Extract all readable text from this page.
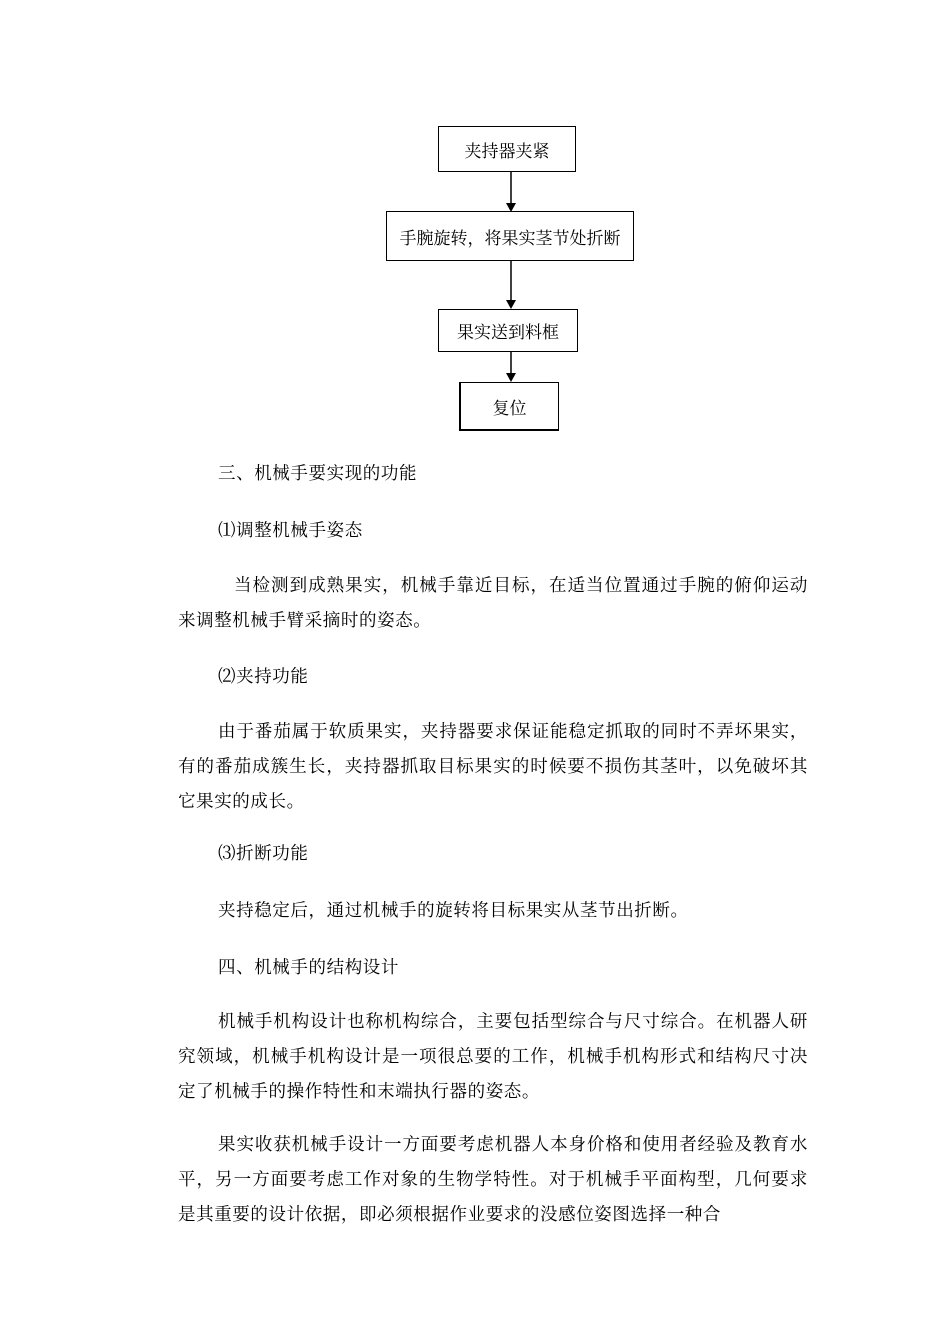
夹持器夹紧
手腕旋转，将果实茎节处折断
果实送到料框
复位

三、机械手要实现的功能

⑴调整机械手姿态

当检测到成熟果实，机械手靠近目标，在适当位置通过手腕的俯仰运动来调整机械手臂采摘时的姿态。

⑵夹持功能

由于番茄属于软质果实，夹持器要求保证能稳定抓取的同时不弄坏果实，有的番茄成簇生长，夹持器抓取目标果实的时候要不损伤其茎叶，以免破坏其它果实的成长。

⑶折断功能

夹持稳定后，通过机械手的旋转将目标果实从茎节出折断。

四、机械手的结构设计

机械手机构设计也称机构综合，主要包括型综合与尺寸综合。在机器人研究领域，机械手机构设计是一项很总要的工作，机械手机构形式和结构尺寸决定了机械手的操作特性和末端执行器的姿态。

果实收获机械手设计一方面要考虑机器人本身价格和使用者经验及教育水平，另一方面要考虑工作对象的生物学特性。对于机械手平面构型，几何要求是其重要的设计依据，即必须根据作业要求的没感位姿图选择一种合
